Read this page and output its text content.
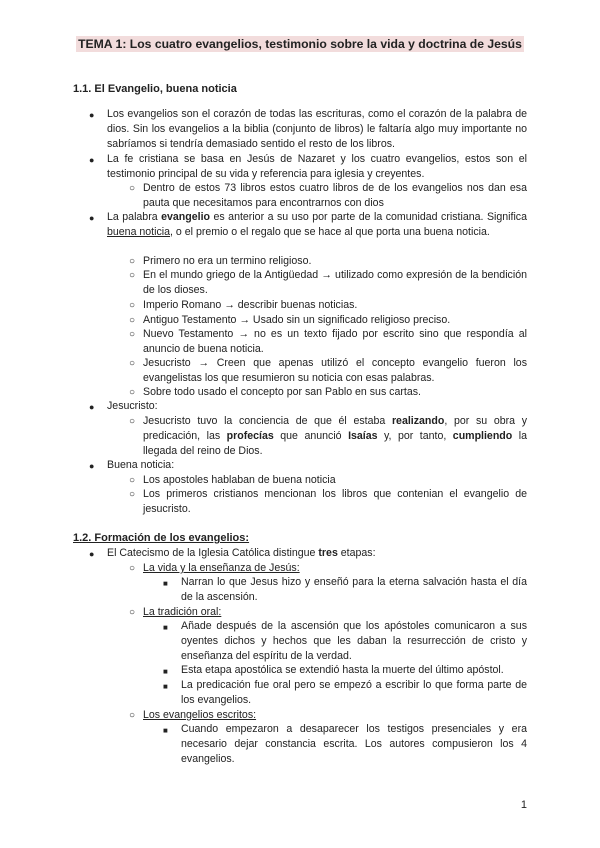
TEMA 1: Los cuatro evangelios, testimonio sobre la vida y doctrina de Jesús
1.1. El Evangelio, buena noticia
● Los evangelios son el corazón de todas las escrituras, como el corazón de la palabra de dios. Sin los evangelios a la biblia (conjunto de libros) le faltaría algo muy importante no sabríamos si tendría demasiado sentido el resto de los libros.
● La fe cristiana se basa en Jesús de Nazaret y los cuatro evangelios, estos son el testimonio principal de su vida y referencia para iglesia y creyentes.
○ Dentro de estos 73 libros estos cuatro libros de de los evangelios nos dan esa pauta que necesitamos para encontrarnos con dios
● La palabra evangelio es anterior a su uso por parte de la comunidad cristiana. Significa buena noticia, o el premio o el regalo que se hace al que porta una buena noticia.
○ Primero no era un termino religioso.
○ En el mundo griego de la Antigüedad → utilizado como expresión de la bendición de los dioses.
○ Imperio Romano → describir buenas noticias.
○ Antiguo Testamento → Usado sin un significado religioso preciso.
○ Nuevo Testamento → no es un texto fijado por escrito sino que respondía al anuncio de buena noticia.
○ Jesucristo → Creen que apenas utilizó el concepto evangelio fueron los evangelistas los que resumieron su noticia con esas palabras.
○ Sobre todo usado el concepto por san Pablo en sus cartas.
● Jesucristo:
○ Jesucristo tuvo la conciencia de que él estaba realizando, por su obra y predicación, las profecías que anunció Isaías y, por tanto, cumpliendo la llegada del reino de Dios.
● Buena noticia:
○ Los apostoles hablaban de buena noticia
○ Los primeros cristianos mencionan los libros que contenian el evangelio de jesucristo.
1.2. Formación de los evangelios:
● El Catecismo de la Iglesia Católica distingue tres etapas:
○ La vida y la enseñanza de Jesús:
■ Narran lo que Jesus hizo y enseñó para la eterna salvación hasta el día de la ascensión.
○ La tradición oral:
■ Añade después de la ascensión que los apóstoles comunicaron a sus oyentes dichos y hechos que les daban la resurrección de cristo y enseñanza del espíritu de la verdad.
■ Esta etapa apostólica se extendió hasta la muerte del último apóstol.
■ La predicación fue oral pero se empezó a escribir lo que forma parte de los evangelios.
○ Los evangelios escritos:
■ Cuando empezaron a desaparecer los testigos presenciales y era necesario dejar constancia escrita. Los autores compusieron los 4 evangelios.
1
